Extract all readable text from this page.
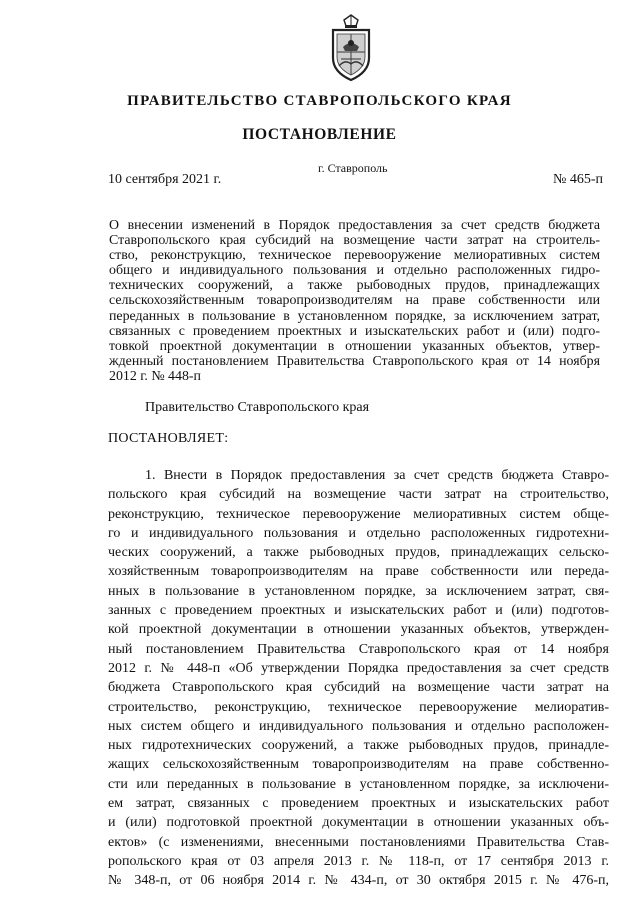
ПРАВИТЕЛЬСТВО СТАВРОПОЛЬСКОГО КРАЯ
ПОСТАНОВЛЕНИЕ
г. Ставрополь
10 сентября 2021 г.	№ 465-п

О внесении изменений в Порядок предоставления за счет средств бюджета
Ставропольского края субсидий на возмещение части затрат на строитель-
ство, реконструкцию, техническое перевооружение мелиоративных систем
общего и индивидуального пользования и отдельно расположенных гидро-
технических сооружений, а также рыбоводных прудов, принадлежащих
сельскохозяйственным товаропроизводителям на праве собственности или
переданных в пользование в установленном порядке, за исключением затрат,
связанных с проведением проектных и изыскательских работ и (или) подго-
товкой проектной документации в отношении указанных объектов, утвер-
жденный постановлением Правительства Ставропольского края от 14 ноября
2012 г. № 448-п

Правительство Ставропольского края
ПОСТАНОВЛЯЕТ:

1. Внести в Порядок предоставления за счет средств бюджета Ставро-
польского края субсидий на возмещение части затрат на строительство,
реконструкцию, техническое перевооружение мелиоративных систем обще-
го и индивидуального пользования и отдельно расположенных гидротехни-
ческих сооружений, а также рыбоводных прудов, принадлежащих сельско-
хозяйственным товаропроизводителям на праве собственности или переда-
нных в пользование в установленном порядке, за исключением затрат, свя-
занных с проведением проектных и изыскательских работ и (или) подготов-
кой проектной документации в отношении указанных объектов, утвержден-
ный постановлением Правительства Ставропольского края от 14 ноября
2012 г. № 448-п «Об утверждении Порядка предоставления за счет средств
бюджета Ставропольского края субсидий на возмещение части затрат на
строительство, реконструкцию, техническое перевооружение мелиоратив-
ных систем общего и индивидуального пользования и отдельно расположен-
ных гидротехнических сооружений, а также рыбоводных прудов, принадле-
жащих сельскохозяйственным товаропроизводителям на праве собственно-
сти или переданных в пользование в установленном порядке, за исключени-
ем затрат, связанных с проведением проектных и изыскательских работ
и (или) подготовкой проектной документации в отношении указанных объ-
ектов» (с изменениями, внесенными постановлениями Правительства Став-
ропольского края от 03 апреля 2013 г. № 118-п, от 17 сентября 2013 г.
№ 348-п, от 06 ноября 2014 г. № 434-п, от 30 октября 2015 г. № 476-п,
